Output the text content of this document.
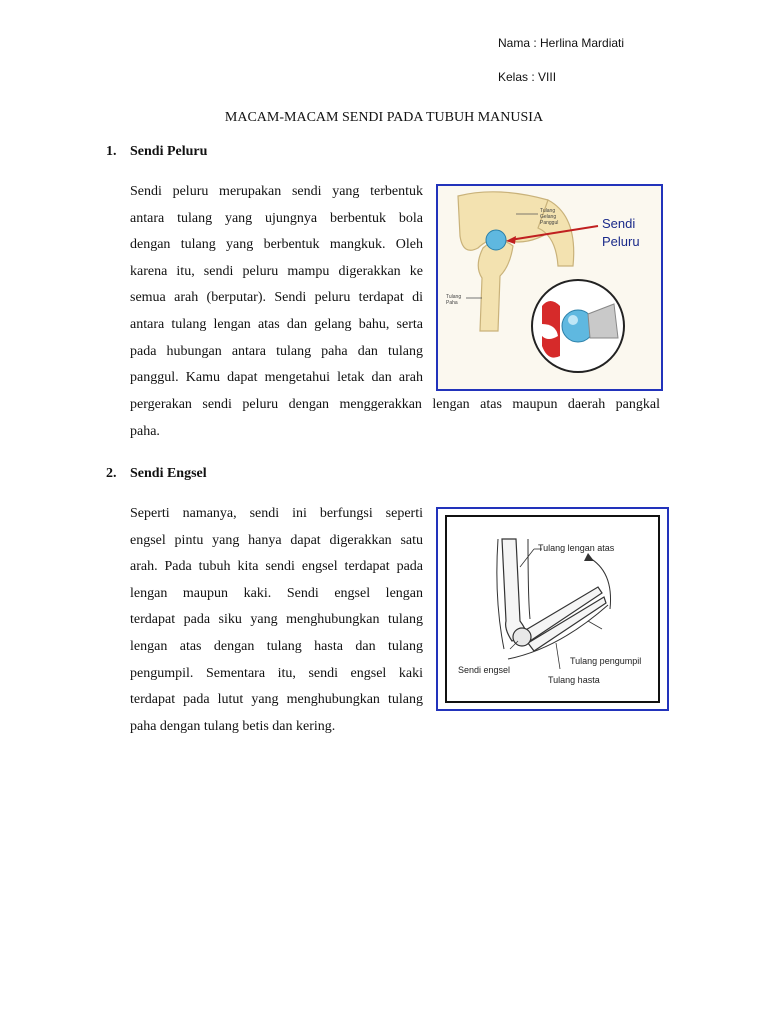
Nama : Herlina Mardiati
Kelas : VIII
MACAM-MACAM SENDI PADA TUBUH MANUSIA
1. Sendi Peluru
Sendi peluru merupakan sendi yang terbentuk
antara tulang yang ujungnya berbentuk bola
dengan tulang yang berbentuk mangkuk. Oleh
karena itu, sendi peluru mampu digerakkan ke
semua arah (berputar). Sendi peluru terdapat di
antara tulang lengan atas dan gelang bahu, serta
pada hubungan antara tulang paha dan tulang
panggul. Kamu dapat mengetahui letak dan arah
pergerakan sendi peluru dengan menggerakkan lengan atas maupun daerah pangkal
paha.
Tulang
Gelang
Panggul
Tulang
Paha
Sendi
Peluru
2. Sendi Engsel
Seperti namanya, sendi ini berfungsi seperti
engsel pintu yang hanya dapat digerakkan satu
arah. Pada tubuh kita sendi engsel terdapat pada
lengan maupun kaki. Sendi engsel lengan
terdapat pada siku yang menghubungkan tulang
lengan atas dengan tulang hasta dan tulang
pengumpil. Sementara itu, sendi engsel kaki
terdapat pada lutut yang menghubungkan tulang
paha dengan tulang betis dan kering.
Tulang lengan atas
Tulang pengumpil
Sendi engsel
Tulang hasta
